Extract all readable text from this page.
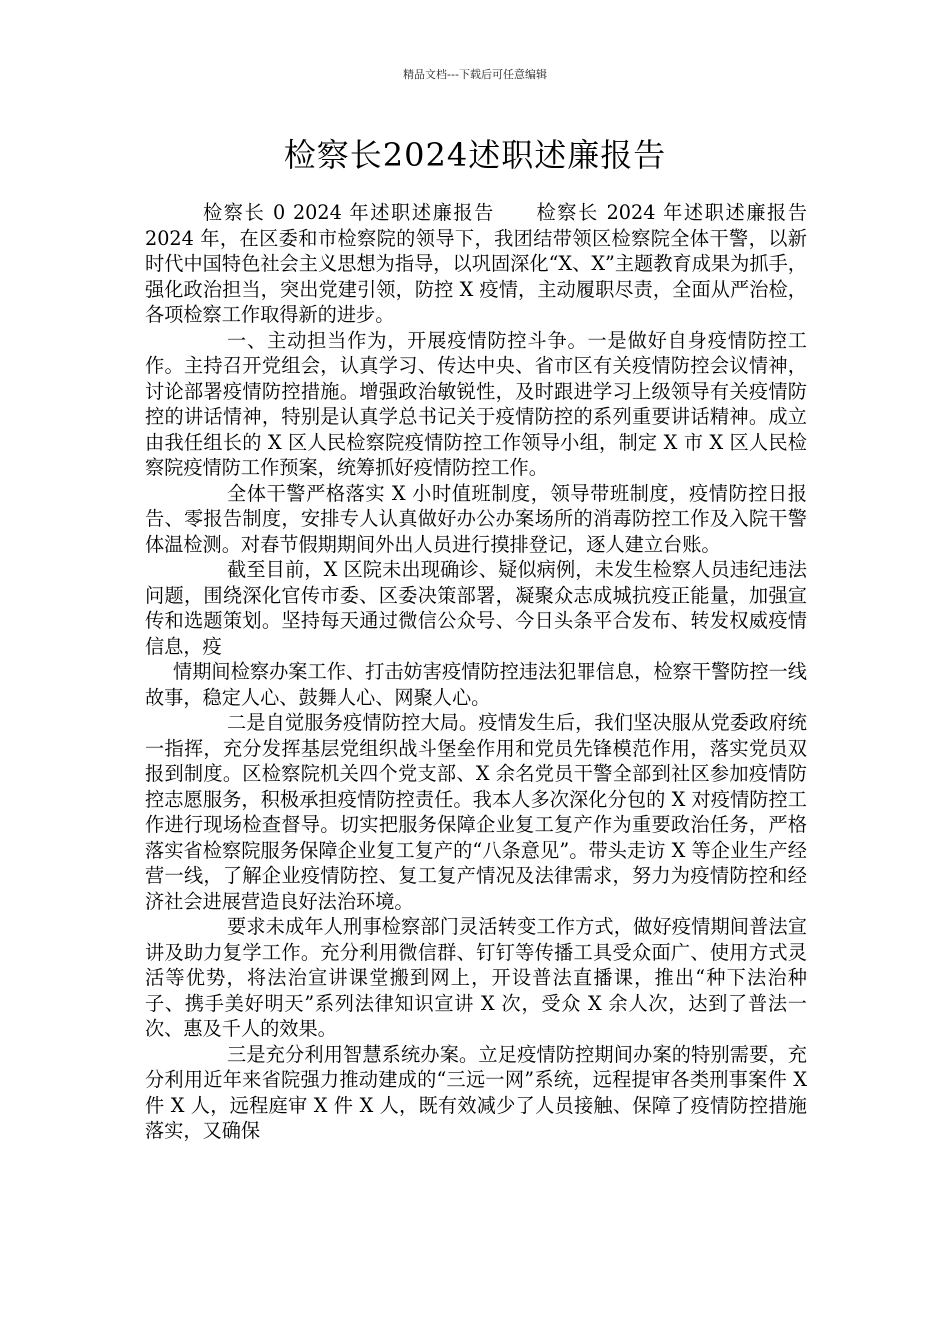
精品文档---下载后可任意编辑
检察长2024述职述廉报告

检察长 0 2024 年述职述廉报告　　检察长 2024 年述职述廉报告 2024 年，在区委和市检察院的领导下，我团结带领区检察院全体干警，以新时代中国特色社会主义思想为指导，以巩固深化“X、X”主题教育成果为抓手，强化政治担当，突出党建引领，防控 X 疫情，主动履职尽责，全面从严治检，各项检察工作取得新的进步。

一、主动担当作为，开展疫情防控斗争。一是做好自身疫情防控工作。主持召开党组会，认真学习、传达中央、省市区有关疫情防控会议情神，讨论部署疫情防控措施。增强政治敏锐性，及时跟进学习上级领导有关疫情防控的讲话情神，特别是认真学总书记关于疫情防控的系列重要讲话精神。成立由我任组长的 X 区人民检察院疫情防控工作领导小组，制定 X 市 X 区人民检察院疫情防工作预案，统筹抓好疫情防控工作。

全体干警严格落实 X 小时值班制度，领导带班制度，疫情防控日报告、零报告制度，安排专人认真做好办公办案场所的消毒防控工作及入院干警体温检测。对春节假期期间外出人员进行摸排登记，逐人建立台账。

截至目前，X 区院未出现确诊、疑似病例，未发生检察人员违纪违法问题，围绕深化官传市委、区委决策部署，凝聚众志成城抗疫正能量，加强宣传和选题策划。坚持每天通过微信公众号、今日头条平合发布、转发权威疫情信息，疫

情期间检察办案工作、打击妨害疫情防控违法犯罪信息，检察干警防控一线故事，稳定人心、鼓舞人心、网聚人心。

二是自觉服务疫情防控大局。疫情发生后，我们坚决服从党委政府统一指挥，充分发挥基层党组织战斗堡垒作用和党员先锋模范作用，落实党员双报到制度。区检察院机关四个党支部、X 余名党员干警全部到社区参加疫情防控志愿服务，积极承担疫情防控责任。我本人多次深化分包的 X 对疫情防控工作进行现场检查督导。切实把服务保障企业复工复产作为重要政治任务，严格落实省检察院服务保障企业复工复产的“八条意见”。带头走访 X 等企业生产经营一线，了解企业疫情防控、复工复产情况及法律需求，努力为疫情防控和经济社会进展营造良好法治环境。

要求未成年人刑事检察部门灵活转变工作方式，做好疫情期间普法宣讲及助力复学工作。充分利用微信群、钉钉等传播工具受众面广、使用方式灵活等优势，将法治宣讲课堂搬到网上，开设普法直播课，推出“种下法治种子、携手美好明天”系列法律知识宣讲 X 次，受众 X 余人次，达到了普法一次、惠及千人的效果。

三是充分利用智慧系统办案。立足疫情防控期间办案的特别需要，充分利用近年来省院强力推动建成的“三远一网”系统，远程提审各类刑事案件 X 件 X 人，远程庭审 X 件 X 人，既有效减少了人员接触、保障了疫情防控措施落实，又确保
